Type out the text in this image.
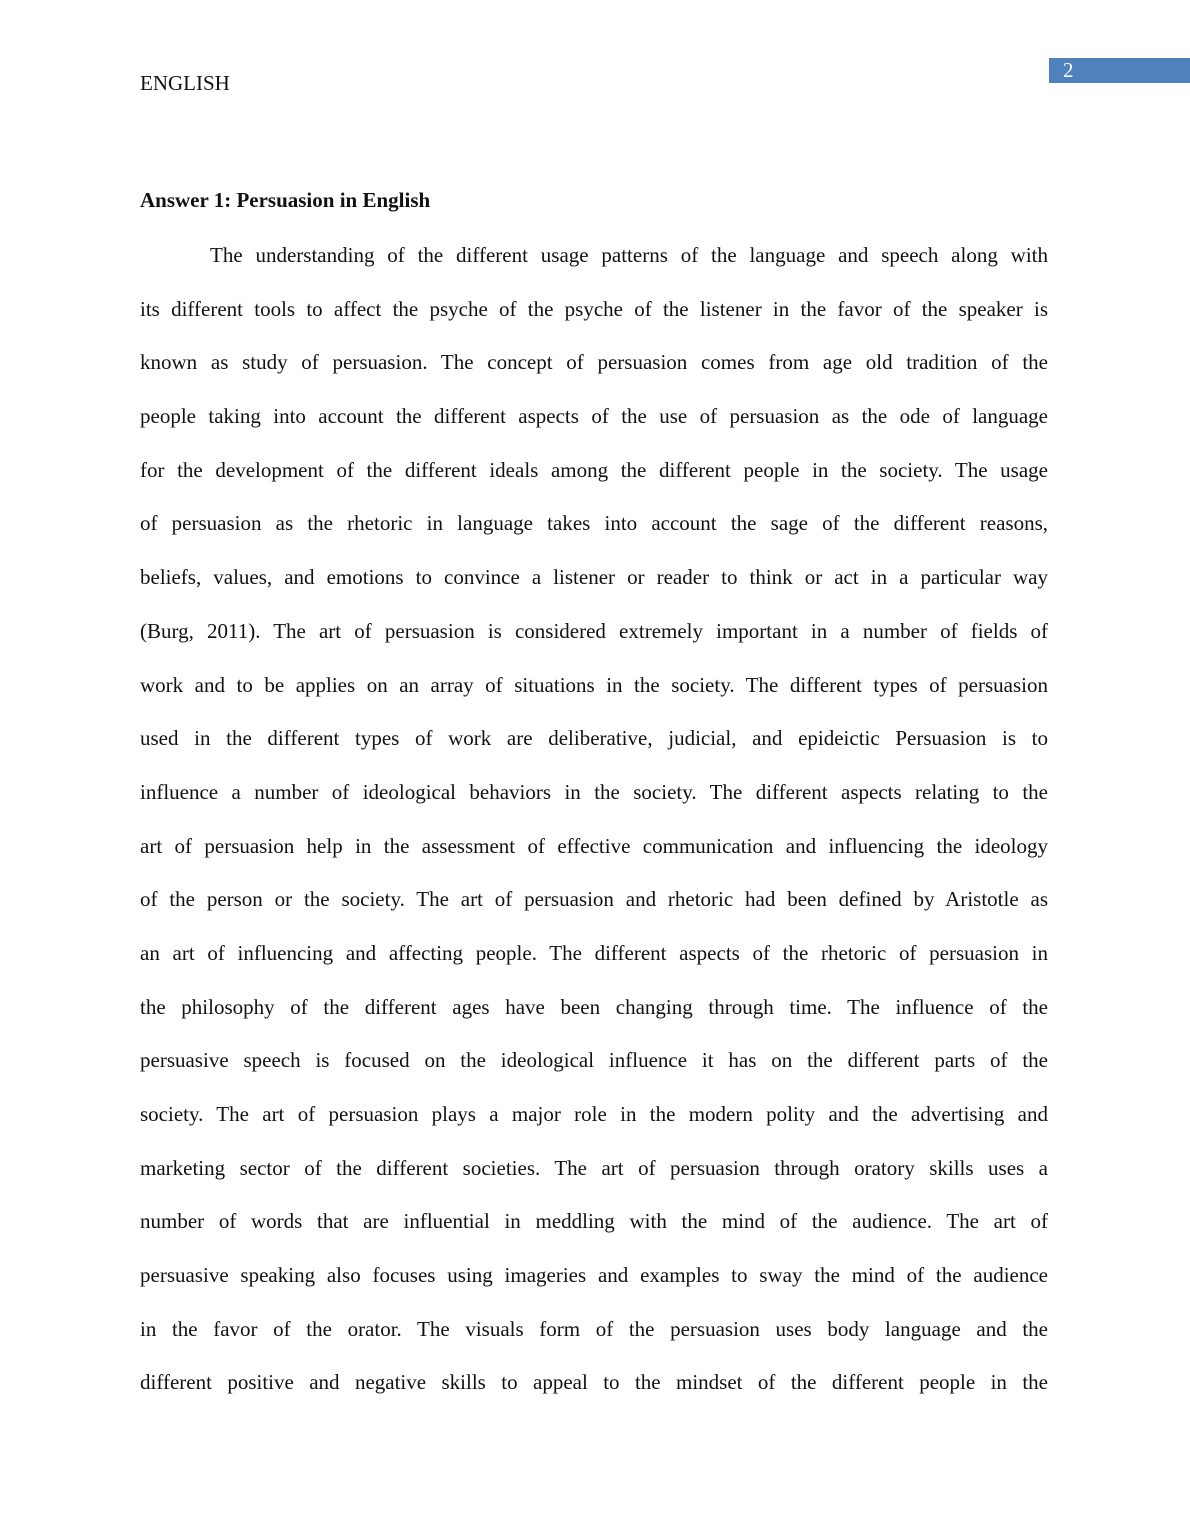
2
ENGLISH
Answer 1: Persuasion in English
The understanding of the different usage patterns of the language and speech along with
its different tools to affect the psyche of the psyche of the listener in the favor of the speaker is
known as study of persuasion. The concept of persuasion comes from age old tradition of the
people taking into account the different aspects of the use of persuasion as the ode of language
for the development of the different ideals among the different people in the society. The usage
of persuasion as the rhetoric in language takes into account the sage of the different reasons,
beliefs, values, and emotions to convince a listener or reader to think or act in a particular way
(Burg, 2011). The art of persuasion is considered extremely important in a number of fields of
work and to be applies on an array of situations in the society. The different types of persuasion
used in the different types of work are deliberative, judicial, and epideictic Persuasion is to
influence a number of ideological behaviors in the society. The different aspects relating to the
art of persuasion help in the assessment of effective communication and influencing the ideology
of the person or the society. The art of persuasion and rhetoric had been defined by Aristotle as
an art of influencing and affecting people. The different aspects of the rhetoric of persuasion in
the philosophy of the different ages have been changing through time. The influence of the
persuasive speech is focused on the ideological influence it has on the different parts of the
society. The art of persuasion plays a major role in the modern polity and the advertising and
marketing sector of the different societies. The art of persuasion through oratory skills uses a
number of words that are influential in meddling with the mind of the audience. The art of
persuasive speaking also focuses using imageries and examples to sway the mind of the audience
in the favor of the orator. The visuals form of the persuasion uses body language and the
different positive and negative skills to appeal to the mindset of the different people in the
